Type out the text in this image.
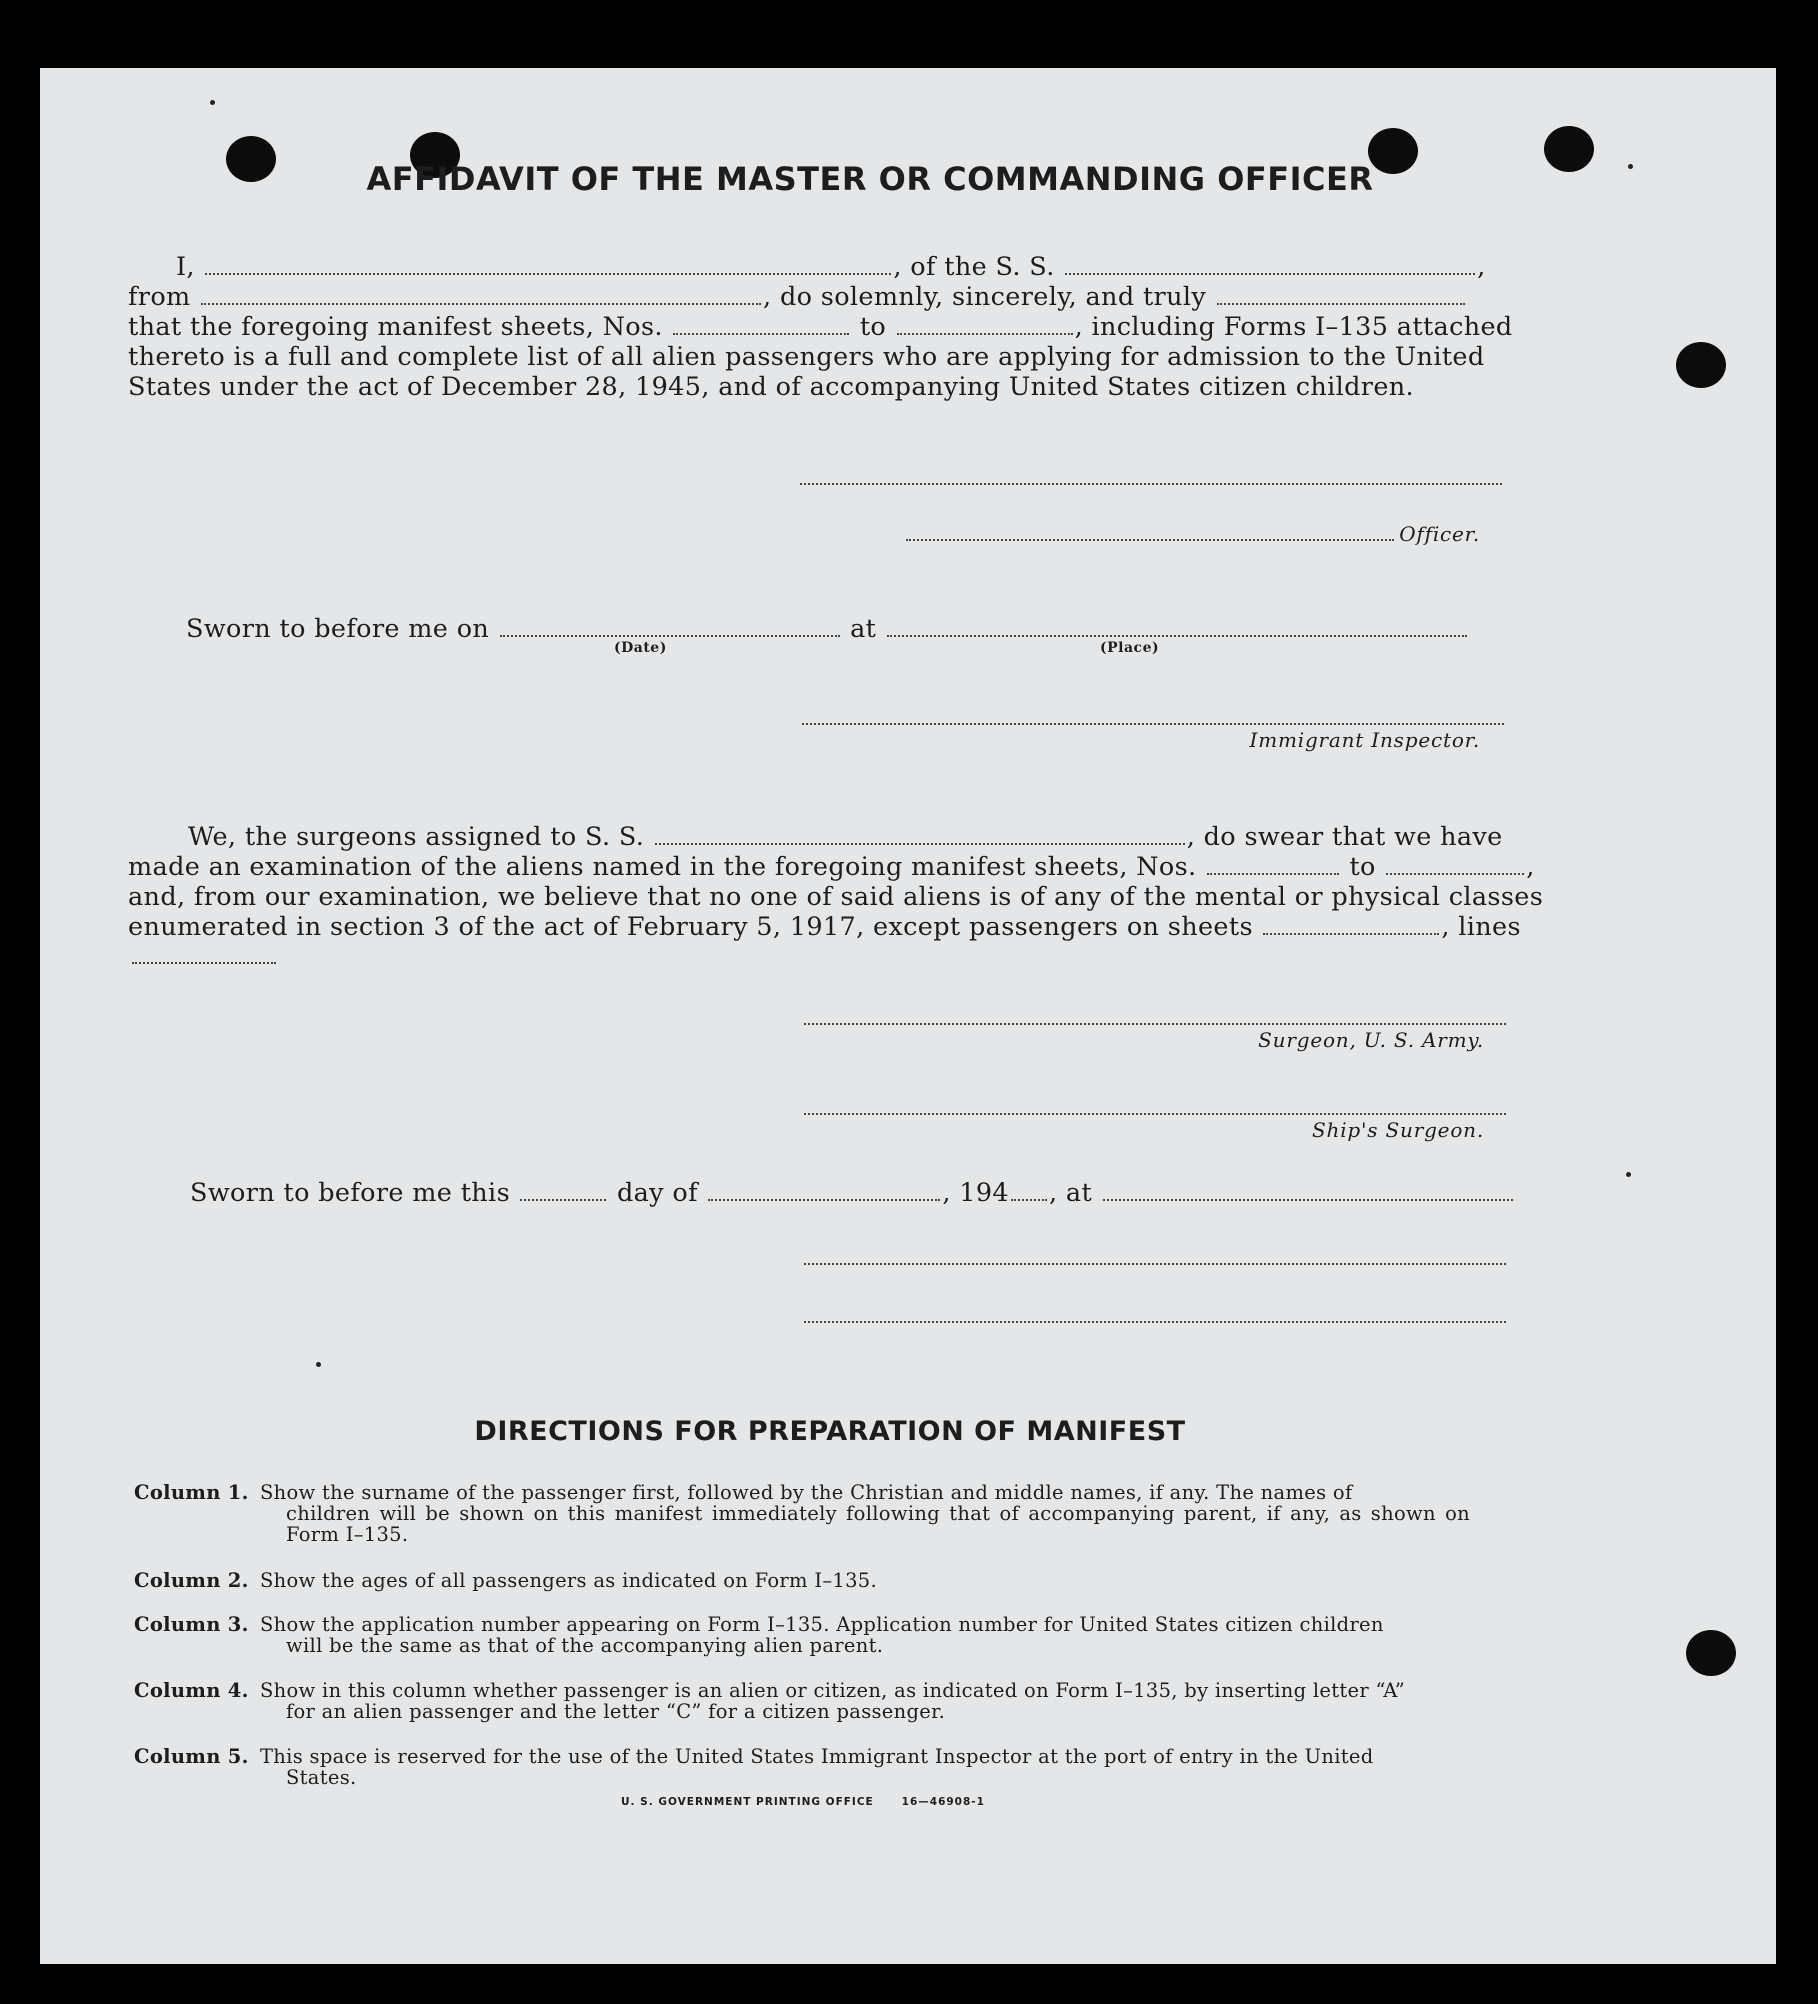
AFFIDAVIT OF THE MASTER OR COMMANDING OFFICER
I,	, of the S. S.	,
from	, do solemnly, sincerely, and truly
that the foregoing manifest sheets, Nos.	to	, including Forms I–135 attached
thereto is a full and complete list of all alien passengers who are applying for admission to the United
States under the act of December 28, 1945, and of accompanying United States citizen children.
Officer.
Sworn to before me on	at
(Date)	(Place)
Immigrant Inspector.
We, the surgeons assigned to S. S.	, do swear that we have
made an examination of the aliens named in the foregoing manifest sheets, Nos.	to	,
and, from our examination, we believe that no one of said aliens is of any of the mental or physical classes
enumerated in section 3 of the act of February 5, 1917, except passengers on sheets	, lines
Surgeon, U. S. Army.
Ship's Surgeon.
Sworn to before me this	day of	, 194 , at
DIRECTIONS FOR PREPARATION OF MANIFEST
Column 1. Show the surname of the passenger first, followed by the Christian and middle names, if any. The names of
children will be shown on this manifest immediately following that of accompanying parent, if any, as shown on Form I–135.
Column 2. Show the ages of all passengers as indicated on Form I–135.
Column 3. Show the application number appearing on Form I–135. Application number for United States citizen children
will be the same as that of the accompanying alien parent.
Column 4. Show in this column whether passenger is an alien or citizen, as indicated on Form I–135, by inserting letter “A”
for an alien passenger and the letter “C” for a citizen passenger.
Column 5. This space is reserved for the use of the United States Immigrant Inspector at the port of entry in the United
States.
U. S. GOVERNMENT PRINTING OFFICE      16—46908-1
